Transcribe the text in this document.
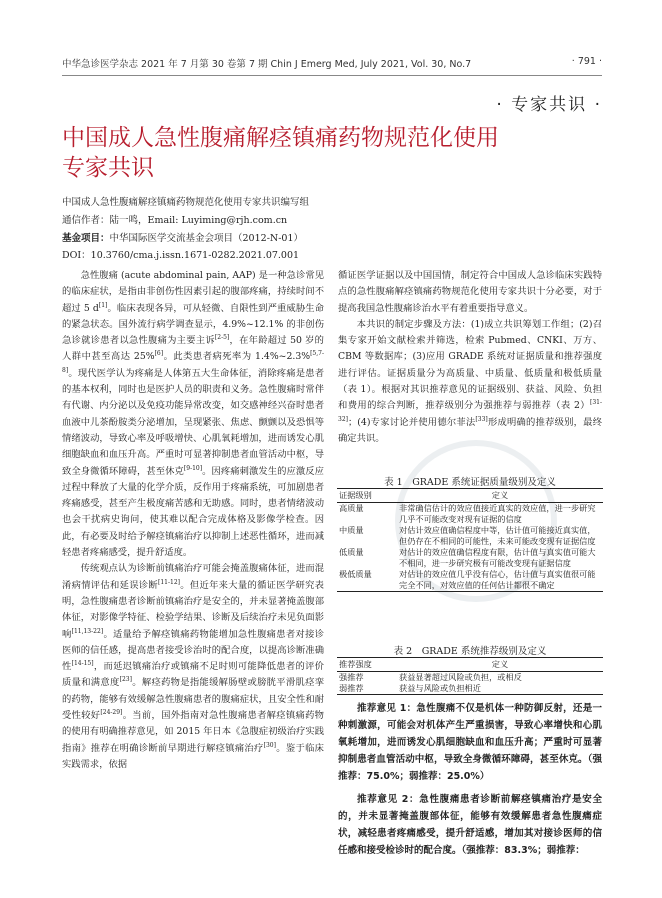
中华急诊医学杂志 2021 年 7 月第 30 卷第 7 期 Chin J Emerg Med, July 2021, Vol. 30, No.7	· 791 ·
· 专家共识 ·
中国成人急性腹痛解痉镇痛药物规范化使用
专家共识
中国成人急性腹痛解痉镇痛药物规范化使用专家共识编写组
通信作者：陆一鸣，Email: Luyiming@rjh.com.cn
基金项目：中华国际医学交流基金会项目（2012-N-01）
DOI：10.3760/cma.j.issn.1671-0282.2021.07.001

急性腹痛 (acute abdominal pain, AAP) 是一种急诊常见的临床症状，是指由非创伤性因素引起的腹部疼痛，持续时间不超过 5 d[1]。临床表现各异，可从轻微、自限性到严重威胁生命的紧急状态。国外流行病学调查显示，4.9%~12.1% 的非创伤急诊就诊患者以急性腹痛为主要主诉[2-5]，在年龄超过 50 岁的人群中甚至高达 25%[6]。此类患者病死率为 1.4%~2.3%[5,7-8]。现代医学认为疼痛是人体第五大生命体征，消除疼痛是患者的基本权利，同时也是医护人员的职责和义务。急性腹痛时常伴有代谢、内分泌以及免疫功能异常改变，如交感神经兴奋时患者血液中儿茶酚胺类分泌增加，呈现紧张、焦虑、颤颤以及恐惧等情绪波动，导致心率及呼吸增快、心肌氧耗增加，进而诱发心肌细胞缺血和血压升高。严重时可显著抑制患者血管活动中枢，导致全身微循环障碍，甚至休克[9-10]。因疼痛刺激发生的应激反应过程中释放了大量的化学介质，反作用于疼痛系统，可加剧患者疼痛感受，甚至产生极度痛苦感和无助感。同时，患者情绪波动也会干扰病史询问，使其难以配合完成体格及影像学检查。因此，有必要及时给予解痉镇痛治疗以抑制上述恶性循环，进而减轻患者疼痛感受，提升舒适度。

传统观点认为诊断前镇痛治疗可能会掩盖腹痛体征，进而混淆病情评估和延误诊断[11-12]。但近年来大量的循证医学研究表明，急性腹痛患者诊断前镇痛治疗是安全的，并未显著掩盖腹部体征，对影像学特征、检验学结果、诊断及后续治疗未见负面影响[11,13-22]。适量给予解痉镇痛药物能增加急性腹痛患者对接诊医师的信任感，提高患者接受诊治时的配合度，以提高诊断准确性[14-15]，而延迟镇痛治疗或镇痛不足时则可能降低患者的评价质量和满意度[23]。解痉药物是指能缓解肠壁或膀胱平滑肌痉挛的药物，能够有效缓解急性腹痛患者的腹痛症状，且安全性和耐受性较好[24-29]。当前，国外指南对急性腹痛患者解痉镇痛药物的使用有明确推荐意见，如 2015 年日本《急腹症初级治疗实践指南》推荐在明确诊断前早期进行解痉镇痛治疗[30]。鉴于临床实践需求，依据

循证医学证据以及中国国情，制定符合中国成人急诊临床实践特点的急性腹痛解痉镇痛药物规范化使用专家共识十分必要，对于提高我国急性腹痛诊治水平有着重要指导意义。

本共识的制定步骤及方法：(1)成立共识筹划工作组；(2)召集专家开始文献检索并筛选，检索 Pubmed、CNKI、万方、CBM 等数据库；(3)应用 GRADE 系统对证据质量和推荐强度进行评估。证据质量分为高质量、中质量、低质量和极低质量（表 1）。根据对其识推荐意见的证据级别、获益、风险、负担和费用的综合判断，推荐级别分为强推荐与弱推荐（表 2）[31-32]；(4)专家讨论并使用德尔菲法[33]形成明确的推荐级别，最终确定共识。

表 1　GRADE 系统证据质量级别及定义
证据级别	定义
高质量	非常确信估计的效应值接近真实的效应值，进一步研究几乎不可能改变对现有证据的信度
中质量	对估计效应值确信程度中等，估计值可能接近真实值，但仍存在不相同的可能性，未来可能改变现有证据信度
低质量	对估计的效应值确信程度有限，估计值与真实值可能大不相同，进一步研究极有可能改变现有证据信度
极低质量	对估计的效应值几乎没有信心，估计值与真实值很可能完全不同，对效应值的任何估计都很不确定
表 2　GRADE 系统推荐级别及定义
推荐强度	定义
强推荐	获益显著超过风险或负担，或相反
弱推荐	获益与风险或负担相近

推荐意见 1：急性腹痛不仅是机体一种防御反射，还是一种刺激源，可能会对机体产生严重损害，导致心率增快和心肌氧耗增加，进而诱发心肌细胞缺血和血压升高；严重时可显著抑制患者血管活动中枢，导致全身微循环障碍，甚至休克。（强推荐：75.0%；弱推荐：25.0%）

推荐意见 2：急性腹痛患者诊断前解痉镇痛治疗是安全的，并未显著掩盖腹部体征，能够有效缓解患者急性腹痛症状，减轻患者疼痛感受，提升舒适感，增加其对接诊医师的信任感和接受检诊时的配合度。（强推荐：83.3%；弱推荐：
